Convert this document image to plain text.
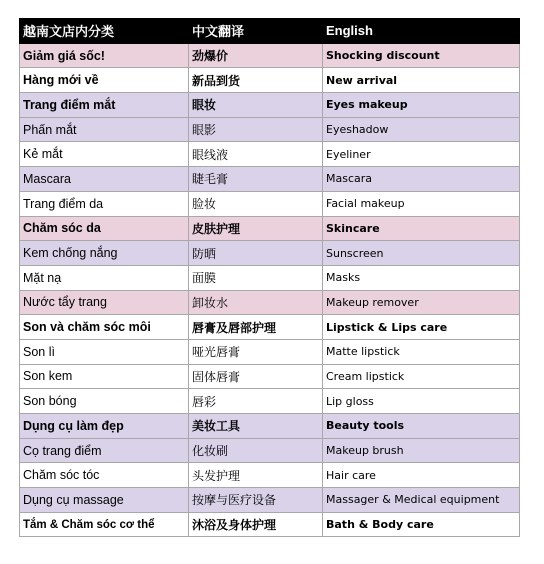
越南文店内分类	中文翻译	English
Giảm giá sốc!	劲爆价	Shocking discount
Hàng mới về	新品到货	New arrival
Trang điểm mắt	眼妆	Eyes makeup
Phấn mắt	眼影	Eyeshadow
Kẻ mắt	眼线液	Eyeliner
Mascara	睫毛膏	Mascara
Trang điểm da	脸妆	Facial makeup
Chăm sóc da	皮肤护理	Skincare
Kem chống nắng	防晒	Sunscreen
Mặt nạ	面膜	Masks
Nước tẩy trang	卸妆水	Makeup remover
Son và chăm sóc môi	唇膏及唇部护理	Lipstick & Lips care
Son lì	哑光唇膏	Matte lipstick
Son kem	固体唇膏	Cream lipstick
Son bóng	唇彩	Lip gloss
Dụng cụ làm đẹp	美妆工具	Beauty tools
Cọ trang điểm	化妆刷	Makeup brush
Chăm sóc tóc	头发护理	Hair care
Dụng cụ massage	按摩与医疗设备	Massager & Medical equipment
Tắm & Chăm sóc cơ thể	沐浴及身体护理	Bath & Body care
